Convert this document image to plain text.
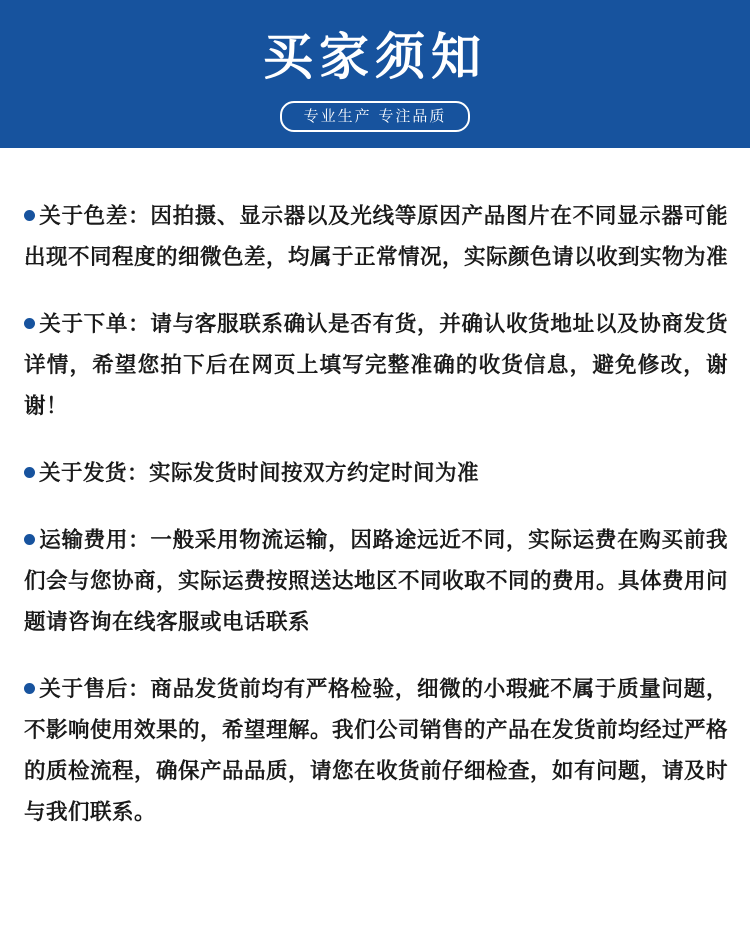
买家须知
专业生产 专注品质
关于色差：因拍摄、显示器以及光线等原因产品图片在不同显示器可能出现不同程度的细微色差，均属于正常情况，实际颜色请以收到实物为准
关于下单：请与客服联系确认是否有货，并确认收货地址以及协商发货详情，希望您拍下后在网页上填写完整准确的收货信息，避免修改，谢谢！
关于发货：实际发货时间按双方约定时间为准
运输费用：一般采用物流运输，因路途远近不同，实际运费在购买前我们会与您协商，实际运费按照送达地区不同收取不同的费用。具体费用问题请咨询在线客服或电话联系
关于售后：商品发货前均有严格检验，细微的小瑕疵不属于质量问题，不影响使用效果的，希望理解。我们公司销售的产品在发货前均经过严格的质检流程，确保产品品质，请您在收货前仔细检查，如有问题，请及时与我们联系。
